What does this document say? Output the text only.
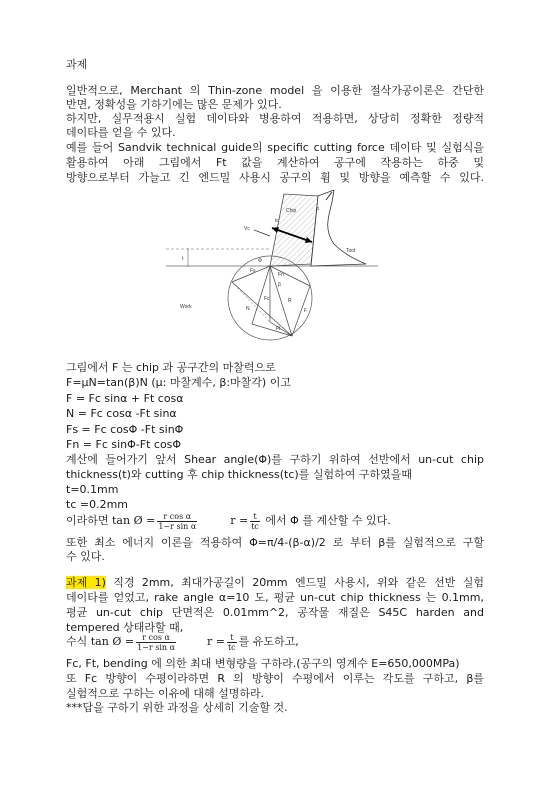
과제
일반적으로, Merchant 의 Thin-zone model 을 이용한 절삭가공이론은 간단한
반면, 정확성을 기하기에는 많은 문제가 있다.
하지만, 실무적용시 실험 데이타와 병용하여 적용하면, 상당히 정확한 정량적
데이타를 얻을 수 있다.
예를 들어 Sandvik technical guide의 specific cutting force 데이타 및 실험식을
활용하여 아래 그림에서 Ft 값을 계산하여 공구에 작용하는 하중 및
방향으로부터 가늘고 긴 엔드밀 사용시 공구의 휨 및 방향을 예측할 수 있다.
Chip
Tool
Work
Vc
tc
t
Fs
Fn
Fc
Ft
R
F
N
Φ
α
β
그림에서 F 는 chip 과 공구간의 마찰력으로
F=μN=tan(β)N (μ: 마찰계수, β:마찰각) 이고
F = Fc sinα + Ft cosα
N = Fc cosα -Ft sinα
Fs = Fc cosΦ -Ft sinΦ
Fn = Fc sinΦ-Ft cosΦ
계산에 들어가기 앞서 Shear angle(Φ)를 구하기 위하여 선반에서 un-cut chip
thickness(t)와 cutting 후 chip thickness(tc)를 실험하여 구하였을때
t=0.1mm
tc =0.2mm
이라하면 tan Ø = $\frac{\text{r cos α}}{\text{1−r sin α}}$	$r = \frac{t}{tc}$ 에서 Φ 를 계산할 수 있다.
또한 최소 에너지 이론을 적용하여 Φ=π/4-(β-α)/2 로 부터 β를 실험적으로 구할
수 있다.
과제 1) 직경 2mm, 최대가공길이 20mm 엔드밀 사용시, 위와 같은 선반 실험
데이타를 얻었고, rake angle α=10 도, 평균 un-cut chip thickness 는 0.1mm,
평균 un-cut chip 단면적은 0.01mm^2, 공작물 재질은 S45C harden and
tempered 상태라할 때,
수식 tan Ø = $\frac{\text{r cos α}}{\text{1−r sin α}}$	$r = \frac{t}{tc}$ 를 유도하고,
Fc, Ft, bending 에 의한 최대 변형량을 구하라.(공구의 영계수 E=650,000MPa)
또 Fc 방향이 수평이라하면 R 의 방향이 수평에서 이루는 각도를 구하고, β를
실험적으로 구하는 이유에 대해 설명하라.
***답을 구하기 위한 과정을 상세히 기술할 것.
